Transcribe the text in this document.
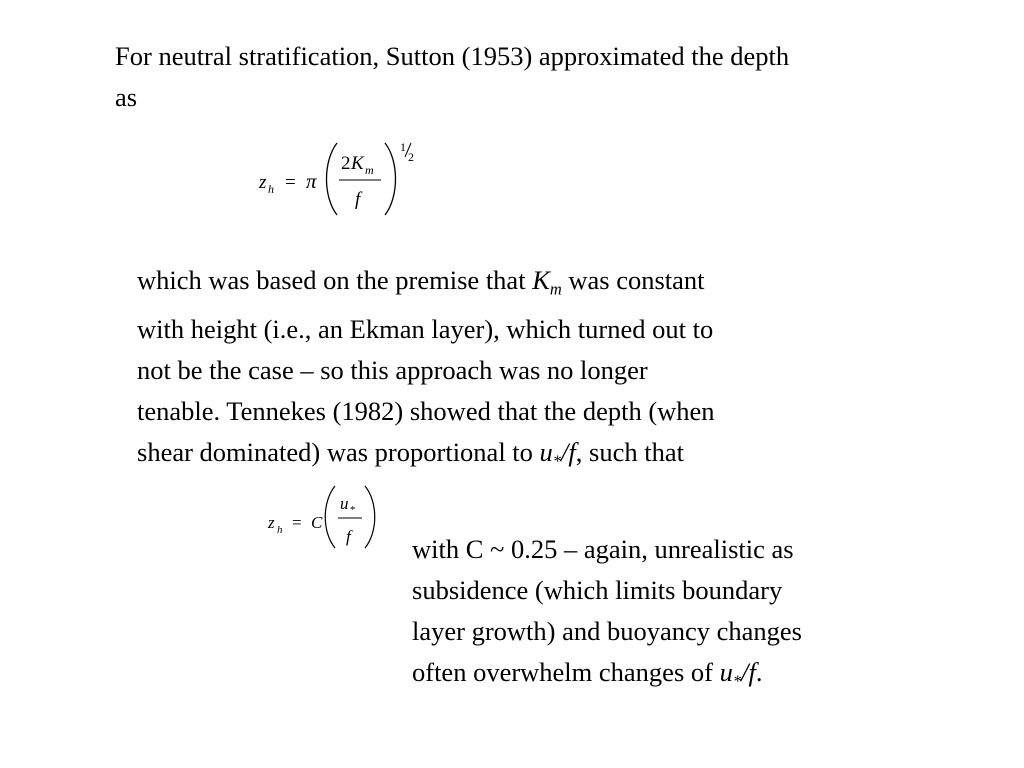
For neutral stratification, Sutton (1953) approximated the depth
as
z h = π
2 K m
f
1
2
which was based on the premise that $K_m$ was constant
with height (i.e., an Ekman layer), which turned out to
not be the case – so this approach was no longer
tenable. Tennekes (1982) showed that the depth (when
shear dominated) was proportional to $u_*/f$, such that
z h = C
u *
f with C ~ 0.25 – again, unrealistic as
subsidence (which limits boundary
layer growth) and buoyancy changes
often overwhelm changes of $u_*/f$.
